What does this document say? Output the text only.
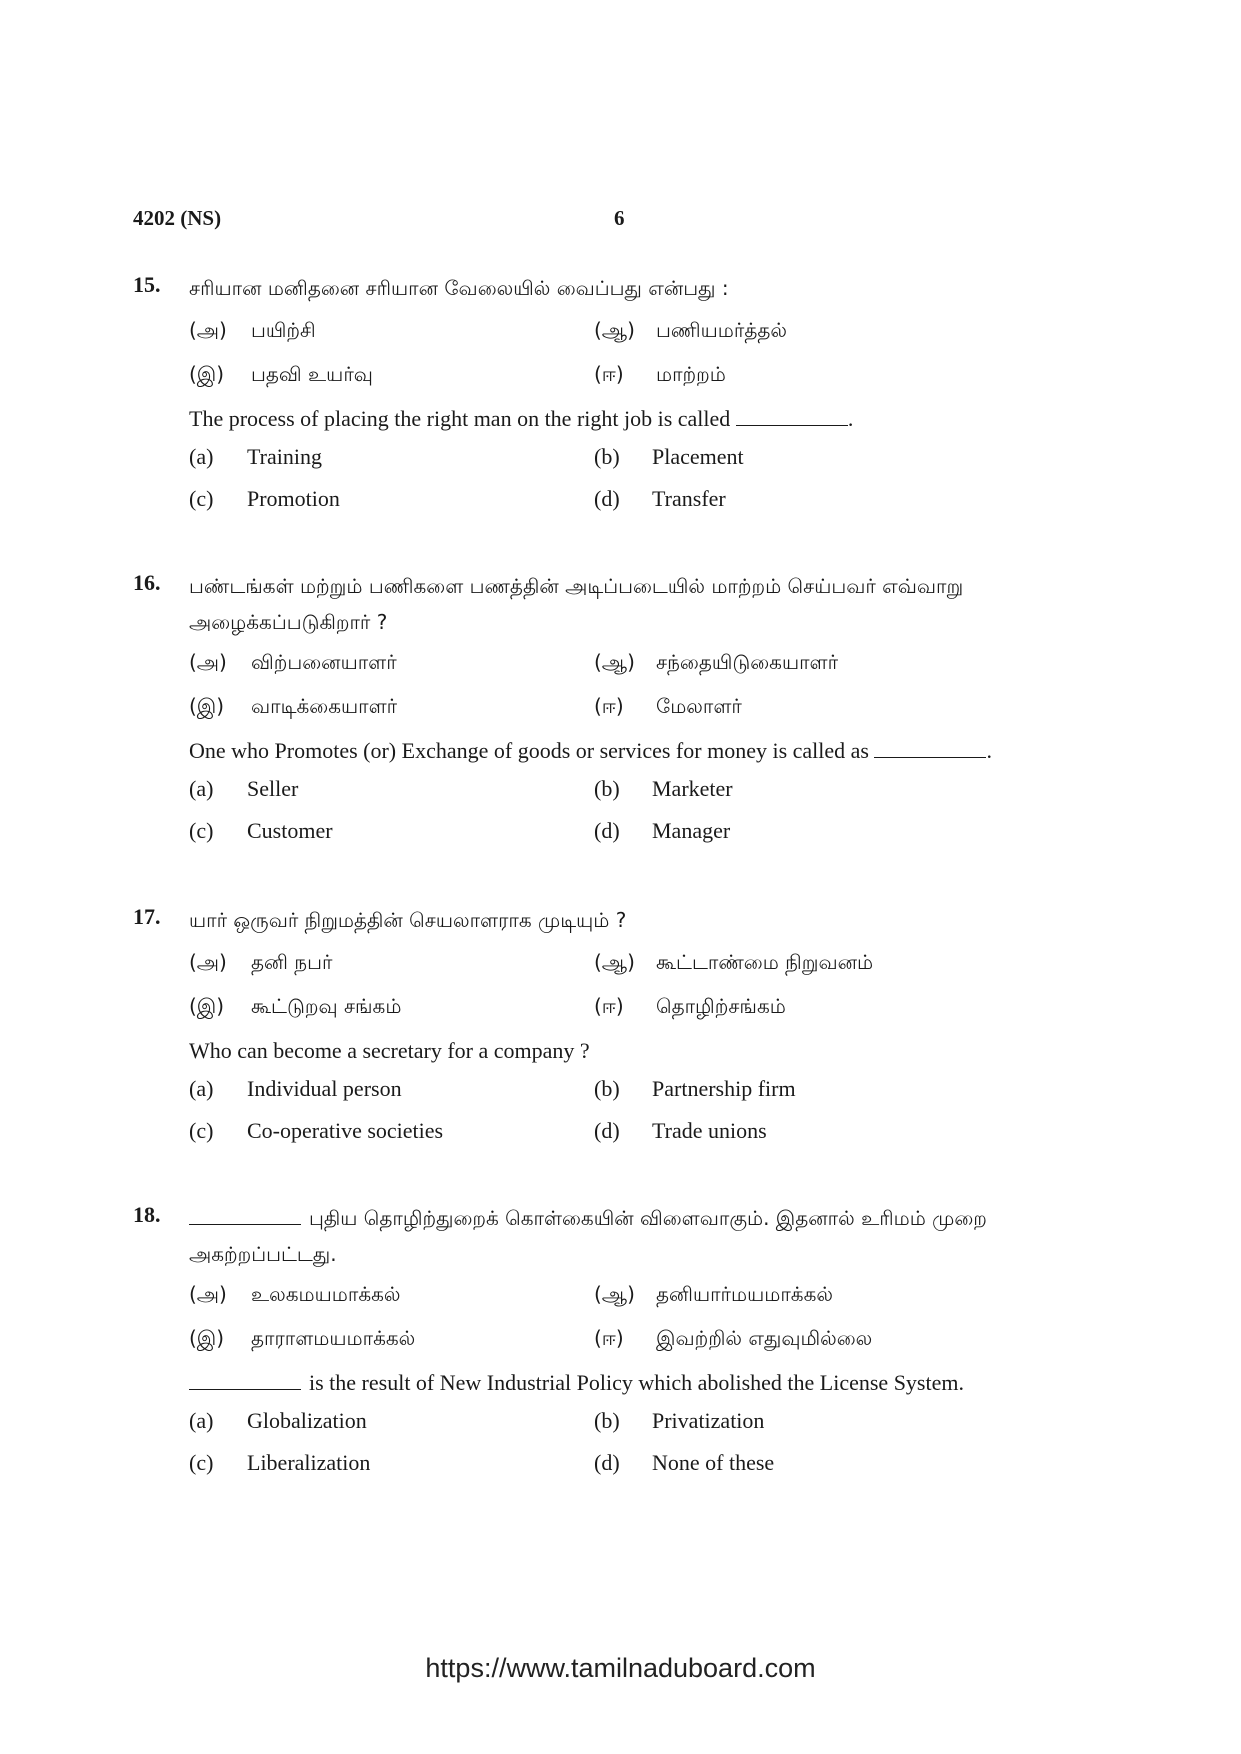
4202 (NS)	6
15. சரியான மனிதனை சரியான வேலையில் வைப்பது என்பது :
(அ) பயிற்சி	(ஆ) பணியமர்த்தல்
(இ) பதவி உயர்வு	(ஈ) மாற்றம்
The process of placing the right man on the right job is called	.
(a) Training	(b) Placement
(c) Promotion	(d) Transfer
16. பண்டங்கள் மற்றும் பணிகளை பணத்தின் அடிப்படையில் மாற்றம் செய்பவர் எவ்வாறு அழைக்கப்படுகிறார் ?
(அ) விற்பனையாளர்	(ஆ) சந்தையிடுகையாளர்
(இ) வாடிக்கையாளர்	(ஈ) மேலாளர்
One who Promotes (or) Exchange of goods or services for money is called as	.
(a) Seller	(b) Marketer
(c) Customer	(d) Manager
17. யார் ஒருவர் நிறுமத்தின் செயலாளராக முடியும் ?
(அ) தனி நபர்	(ஆ) கூட்டாண்மை நிறுவனம்
(இ) கூட்டுறவு சங்கம்	(ஈ) தொழிற்சங்கம்
Who can become a secretary for a company ?
(a) Individual person	(b) Partnership firm
(c) Co-operative societies	(d) Trade unions
18.	புதிய தொழிற்துறைக் கொள்கையின் விளைவாகும். இதனால் உரிமம் முறை அகற்றப்பட்டது.
(அ) உலகமயமாக்கல்	(ஆ) தனியார்மயமாக்கல்
(இ) தாராளமயமாக்கல்	(ஈ) இவற்றில் எதுவுமில்லை
is the result of New Industrial Policy which abolished the License System.
(a) Globalization	(b) Privatization
(c) Liberalization	(d) None of these
https://www.tamilnaduboard.com
